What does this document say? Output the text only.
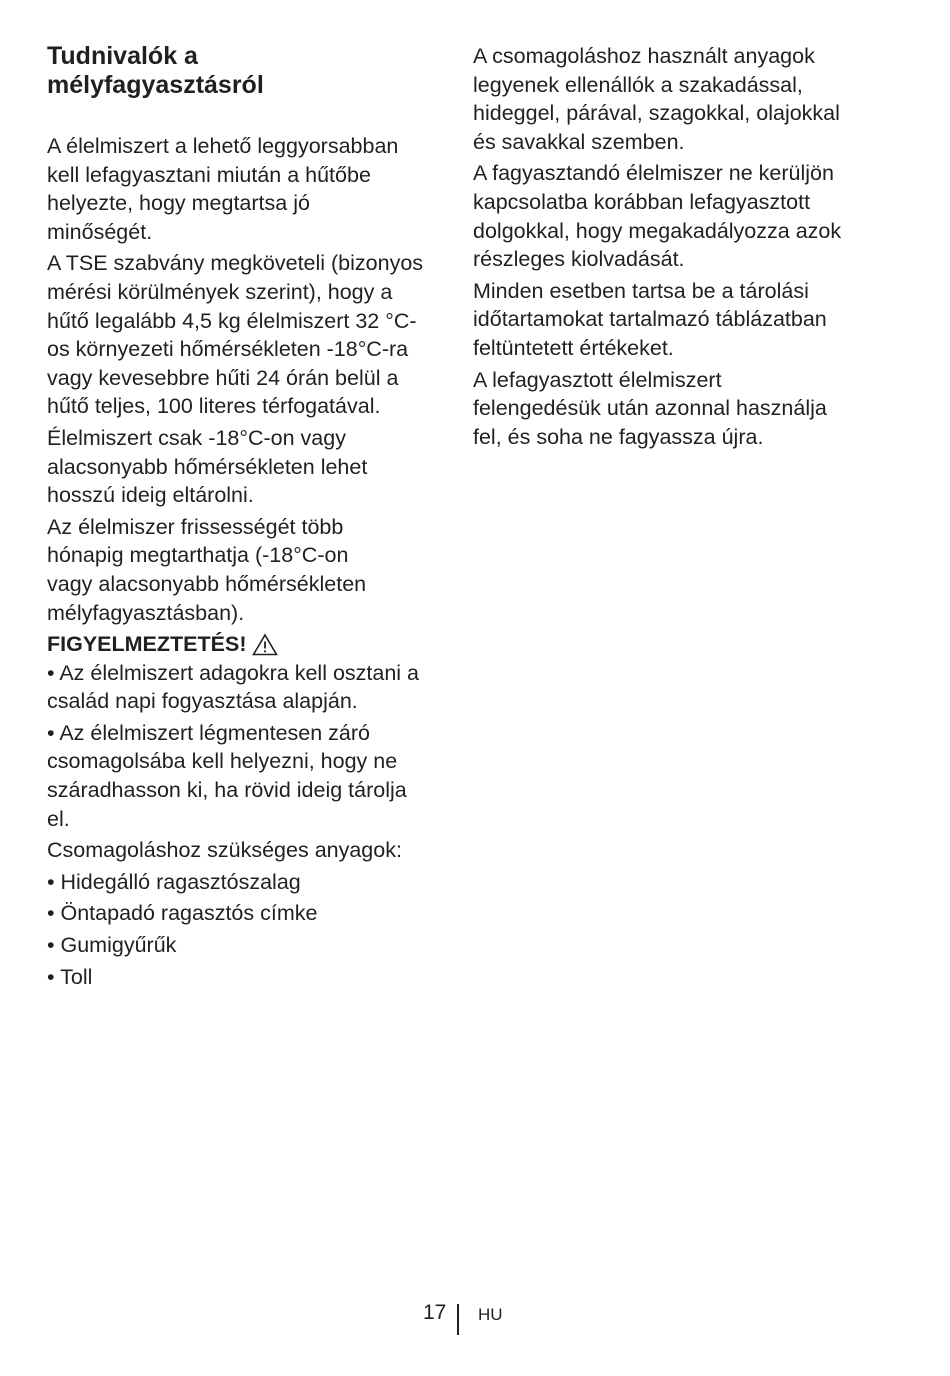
Tudnivalók a
mélyfagyasztásról

A élelmiszert a lehető leggyorsabban
kell lefagyasztani miután a hűtőbe
helyezte, hogy megtartsa jó
minőségét.

A TSE szabvány megköveteli (bizonyos
mérési körülmények szerint), hogy a
hűtő legalább 4,5 kg élelmiszert 32 °C-
os környezeti hőmérsékleten -18°C-ra
vagy kevesebbre hűti 24 órán belül a
hűtő teljes, 100 literes térfogatával.

Élelmiszert csak -18°C-on vagy
alacsonyabb hőmérsékleten lehet
hosszú ideig eltárolni.

Az élelmiszer frissességét több
hónapig megtarthatja (-18°C-on
vagy alacsonyabb hőmérsékleten
mélyfagyasztásban).

FIGYELMEZTETÉS!

• Az élelmiszert adagokra kell osztani a
család napi fogyasztása alapján.

• Az élelmiszert légmentesen záró
csomagolsába kell helyezni, hogy ne
száradhasson ki, ha rövid ideig tárolja
el.

Csomagoláshoz szükséges anyagok:

• Hidegálló ragasztószalag

• Öntapadó ragasztós címke

• Gumigyűrűk

• Toll

A csomagoláshoz használt anyagok
legyenek ellenállók a szakadással,
hideggel, párával, szagokkal, olajokkal
és savakkal szemben.

A fagyasztandó élelmiszer ne kerüljön
kapcsolatba korábban lefagyasztott
dolgokkal, hogy megakadályozza azok
részleges kiolvadását.

Minden esetben tartsa be a tárolási
időtartamokat tartalmazó táblázatban
feltüntetett értékeket.

A lefagyasztott élelmiszert
felengedésük után azonnal használja
fel, és soha ne fagyassza újra.

17 HU
